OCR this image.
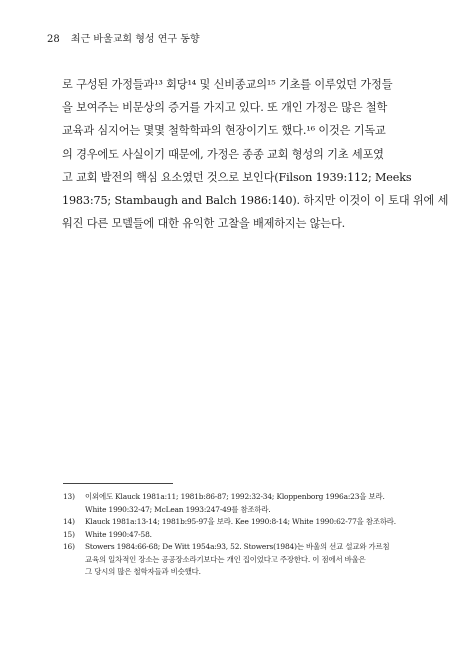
28 최근 바울교회 형성 연구 동향
로 구성된 가정들과¹³ 회당¹⁴ 및 신비종교의¹⁵ 기초를 이루었던 가정들
을 보여주는 비문상의 증거를 가지고 있다. 또 개인 가정은 많은 철학
교육과 심지어는 몇몇 철학학파의 현장이기도 했다.¹⁶ 이것은 기독교
의 경우에도 사실이기 때문에, 가정은 종종 교회 형성의 기초 세포였
고 교회 발전의 핵심 요소였던 것으로 보인다(Filson 1939:112; Meeks
1983:75; Stambaugh and Balch 1986:140). 하지만 이것이 이 토대 위에 세
워진 다른 모델들에 대한 유익한 고찰을 배제하지는 않는다.
13) 이외에도 Klauck 1981a:11; 1981b:86-87; 1992:32-34; Kloppenborg 1996a:23을 보라.
White 1990:32-47; McLean 1993:247-49를 참조하라.
14) Klauck 1981a:13-14; 1981b:95-97을 보라. Kee 1990:8-14; White 1990:62-77을 참조하라.
15) White 1990:47-58.
16) Stowers 1984:66-68; De Witt 1954a:93, 52. Stowers(1984)는 바울의 선교 설교와 가르침
교육의 일차적인 장소는 공공장소라기보다는 개인 집이었다고 주장한다. 이 점에서 바울은
그 당시의 많은 철학자들과 비슷했다.
